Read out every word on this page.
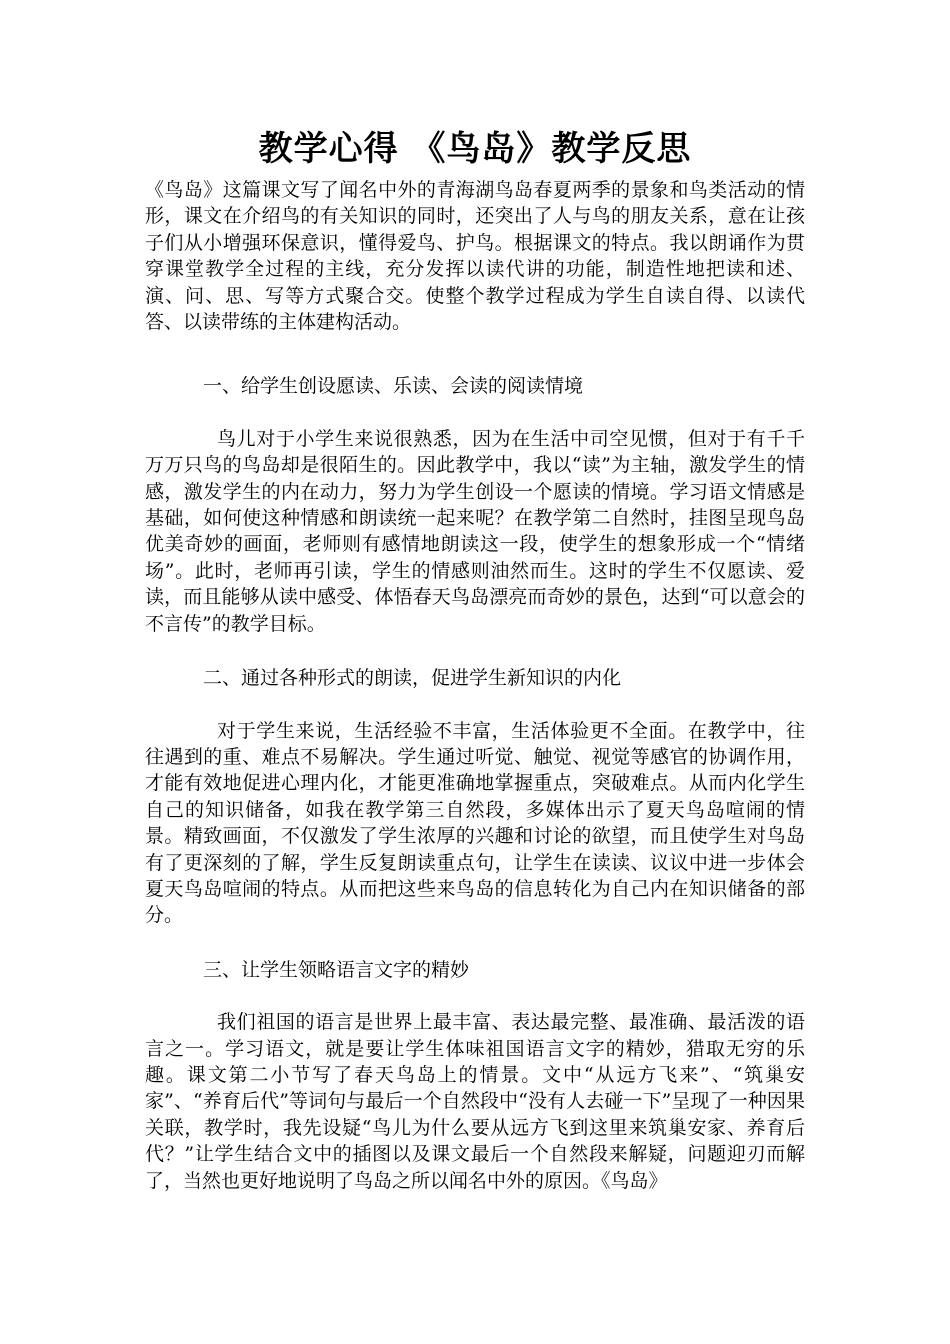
教学心得 《鸟岛》教学反思

《鸟岛》这篇课文写了闻名中外的青海湖鸟岛春夏两季的景象和鸟类活动的情形，课文在介绍鸟的有关知识的同时，还突出了人与鸟的朋友关系，意在让孩子们从小增强环保意识，懂得爱鸟、护鸟。根据课文的特点。我以朗诵作为贯穿课堂教学全过程的主线，充分发挥以读代讲的功能，制造性地把读和述、演、问、思、写等方式聚合交。使整个教学过程成为学生自读自得、以读代答、以读带练的主体建构活动。

一、给学生创设愿读、乐读、会读的阅读情境

鸟儿对于小学生来说很熟悉，因为在生活中司空见惯，但对于有千千万万只鸟的鸟岛却是很陌生的。因此教学中，我以“读”为主轴，激发学生的情感，激发学生的内在动力，努力为学生创设一个愿读的情境。学习语文情感是基础，如何使这种情感和朗读统一起来呢？在教学第二自然时，挂图呈现鸟岛优美奇妙的画面，老师则有感情地朗读这一段，使学生的想象形成一个“情绪场”。此时，老师再引读，学生的情感则油然而生。这时的学生不仅愿读、爱读，而且能够从读中感受、体悟春天鸟岛漂亮而奇妙的景色，达到“可以意会的不言传”的教学目标。

二、通过各种形式的朗读，促进学生新知识的内化

对于学生来说，生活经验不丰富，生活体验更不全面。在教学中，往往遇到的重、难点不易解决。学生通过听觉、触觉、视觉等感官的协调作用，才能有效地促进心理内化，才能更准确地掌握重点，突破难点。从而内化学生自己的知识储备，如我在教学第三自然段，多媒体出示了夏天鸟岛喧闹的情景。精致画面，不仅激发了学生浓厚的兴趣和讨论的欲望，而且使学生对鸟岛有了更深刻的了解，学生反复朗读重点句，让学生在读读、议议中进一步体会夏天鸟岛喧闹的特点。从而把这些来鸟岛的信息转化为自己内在知识储备的部分。

三、让学生领略语言文字的精妙

我们祖国的语言是世界上最丰富、表达最完整、最准确、最活泼的语言之一。学习语文，就是要让学生体味祖国语言文字的精妙，猎取无穷的乐趣。课文第二小节写了春天鸟岛上的情景。文中“从远方飞来”、“筑巢安家”、“养育后代”等词句与最后一个自然段中“没有人去碰一下”呈现了一种因果关联，教学时，我先设疑“鸟儿为什么要从远方飞到这里来筑巢安家、养育后代？”让学生结合文中的插图以及课文最后一个自然段来解疑，问题迎刃而解了，当然也更好地说明了鸟岛之所以闻名中外的原因。《鸟岛》
